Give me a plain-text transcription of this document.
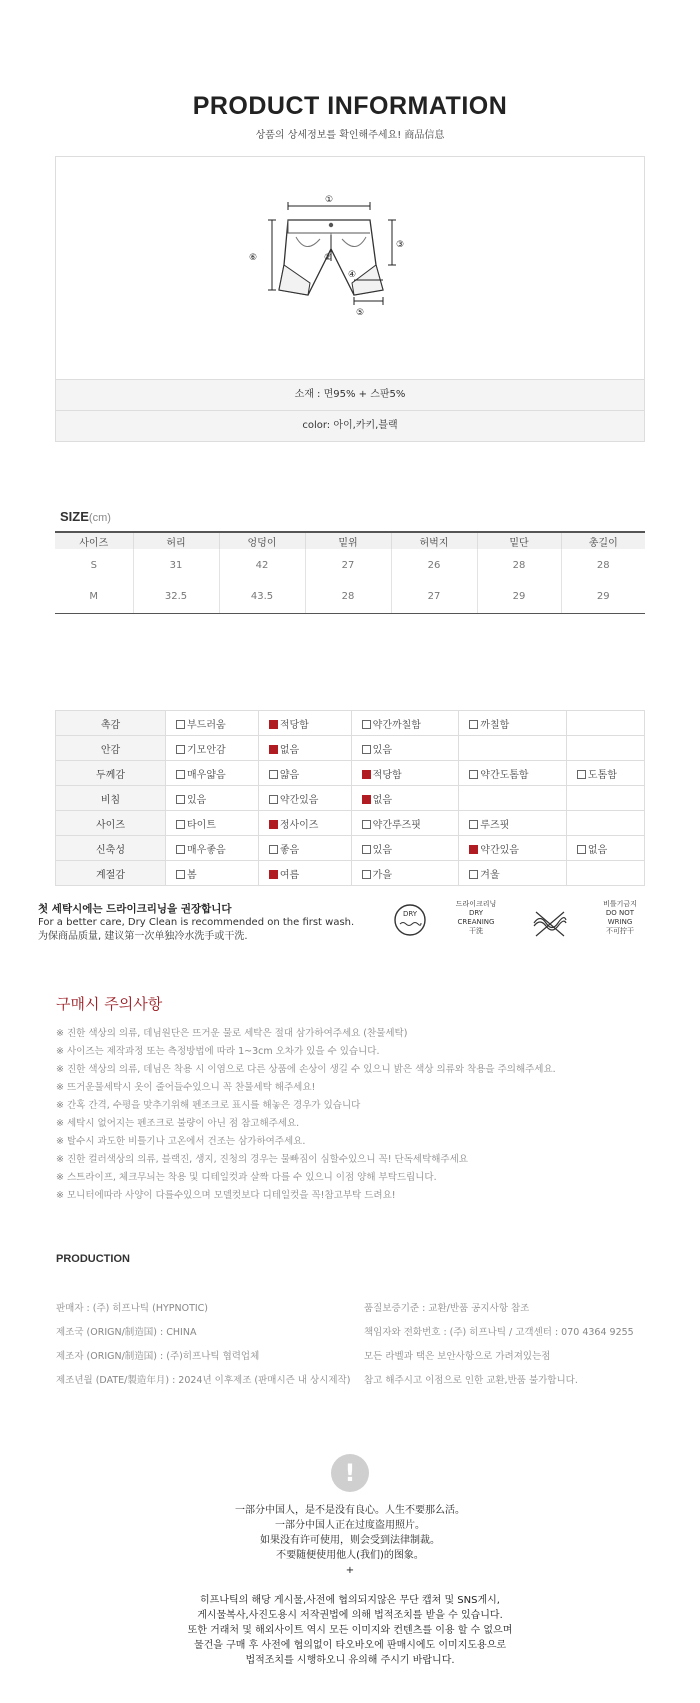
PRODUCT INFORMATION
상품의 상세정보를 확인해주세요! 商品信息
①
②
③
④
⑤
⑥
소재 : 면95% + 스판5%
color: 아이,카키,블랙
SIZE(cm)
사이즈	허리	엉덩이	밑위	허벅지	밑단	총길이
S	31	42	27	26	28	28
M	32.5	43.5	28	27	29	29
촉감	부드러움	적당함	약간까칠함	까칠함	
안감	기모안감	없음	있음		
두께감	매우얇음	얇음	적당함	약간도톰함	도톰함
비침	있음	약간있음	없음		
사이즈	타이트	정사이즈	약간루즈핏	루즈핏	
신축성	매우좋음	좋음	있음	약간있음	없음
계절감	봄	여름	가을	겨울	
첫 세탁시에는 드라이크리닝을 권장합니다
For a better care, Dry Clean is recommended on the first wash.
为保商品质量, 建议第一次单独冷水洗手或干洗.
DRY
드라이크리닝
DRY
CREANING
干洗
비틀기금지
DO NOT
WRING
不可拧干
구매시 주의사항
※ 진한 색상의 의류, 데님원단은 뜨거운 물로 세탁은 절대 삼가하여주세요 (찬물세탁)
※ 사이즈는 제작과정 또는 측정방법에 따라 1~3cm 오차가 있을 수 있습니다.
※ 진한 색상의 의류, 데님은 착용 시 이염으로 다른 상품에 손상이 생길 수 있으니 밝은 색상 의류와 착용을 주의해주세요.
※ 뜨거운물세탁시 옷이 줄어들수있으니 꼭 찬물세탁 해주세요!
※ 간혹 간격, 수평을 맞추기위해 펜조크로 표시를 해놓은 경우가 있습니다
※ 세탁시 없어지는 펜조크로 불량이 아닌 점 참고해주세요.
※ 탈수시 과도한 비틀기나 고온에서 건조는 삼가하여주세요.
※ 진한 컬러색상의 의류, 블랙진, 생지, 진청의 경우는 물빠짐이 심할수있으니 꼭! 단독세탁해주세요
※ 스트라이프, 체크무늬는 착용 및 디테일컷과 살짝 다를 수 있으니 이점 양해 부탁드립니다.
※ 모니터에따라 사양이 다를수있으며 모델컷보다 디테일컷을 꼭!참고부탁 드려요!
PRODUCTION
판매자 : (주) 히프나틱 (HYPNOTIC)
제조국 (ORIGN/制造国) : CHINA
제조자 (ORIGN/制造国) : (주)히프나틱 협력업체
제조년월 (DATE/製造年月) : 2024년 이후제조 (판매시즌 내 상시제작)
품질보증기준 : 교환/반품 공지사항 참조
책임자와 전화번호 : (주) 히프나틱 / 고객센터 : 070 4364 9255
모든 라벨과 택은 보안사항으로 가려져있는점
참고 해주시고 이점으로 인한 교환,반품 불가합니다.
!
一部分中国人，是不是没有良心。人生不要那么活。
一部分中国人正在过度盗用照片。
如果没有许可使用，则会受到法律制裁。
不要随便使用他人(我们)的图象。
+
히프나틱의 해당 게시물,사전에 협의되지않은 무단 캡쳐 및 SNS게시,
게시물복사,사진도용시 저작권법에 의해 법적조치를 받을 수 있습니다.
또한 거래처 및 해외사이트 역시 모든 이미지와 컨텐츠를 이용 할 수 없으며
물건을 구매 후 사전에 협의없이 타오바오에 판매시에도 이미지도용으로
법적조치를 시행하오니 유의해 주시기 바랍니다.
